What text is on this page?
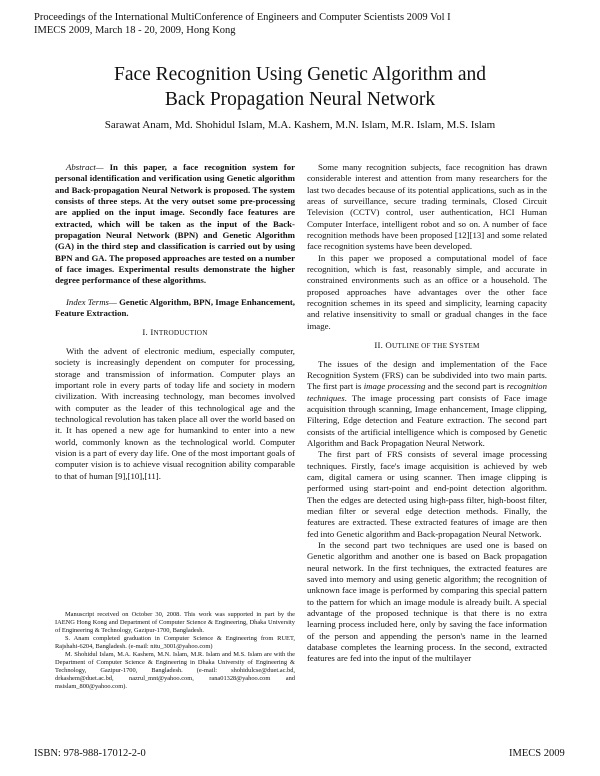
Proceedings of the International MultiConference of Engineers and Computer Scientists 2009 Vol I
IMECS 2009, March 18 - 20, 2009, Hong Kong
Face Recognition Using Genetic Algorithm and
Back Propagation Neural Network
Sarawat Anam, Md. Shohidul Islam, M.A. Kashem, M.N. Islam, M.R. Islam, M.S. Islam

Abstract— In this paper, a face recognition system for personal identification and verification using Genetic algorithm and Back-propagation Neural Network is proposed. The system consists of three steps. At the very outset some pre-processing are applied on the input image. Secondly face features are extracted, which will be taken as the input of the Back-propagation Neural Network (BPN) and Genetic Algorithm (GA) in the third step and classification is carried out by using BPN and GA. The proposed approaches are tested on a number of face images. Experimental results demonstrate the higher degree performance of these algorithms.

Index Terms— Genetic Algorithm, BPN, Image Enhancement, Feature Extraction.

I. INTRODUCTION

With the advent of electronic medium, especially computer, society is increasingly dependent on computer for processing, storage and transmission of information. Computer plays an important role in every parts of today life and society in modern civilization. With increasing technology, man becomes involved with computer as the leader of this technological age and the technological revolution has taken place all over the world based on it. It has opened a new age for humankind to enter into a new world, commonly known as the technological world. Computer vision is a part of every day life. One of the most important goals of computer vision is to achieve visual recognition ability comparable to that of human [9],[10],[11].

Manuscript received on October 30, 2008. This work was supported in part by the IAENG Hong Kong and Department of Computer Science & Engineering, Dhaka University of Engineering & Technology, Gazipur-1700, Bangladesh.

S. Anam completed graduation in Computer Science & Engineering from RUET, Rajshahi-6204, Bangladesh. (e-mail: nitu_3001@yahoo.com)

M. Shohidul Islam, M.A. Kashem, M.N. Islam, M.R. Islam and M.S. Islam are with the Department of Computer Science & Engineering in Dhaka University of Engineering & Technology, Gazipur-1700, Bangladesh. (e-mail: shohidulcse@duet.ac.bd, drkashem@duet.ac.bd, nazrul_mnt@yahoo.com, rana01328@yahoo.com and msislam_800@yahoo.com).

Some many recognition subjects, face recognition has drawn considerable interest and attention from many researchers for the last two decades because of its potential applications, such as in the areas of surveillance, secure trading terminals, Closed Circuit Television (CCTV) control, user authentication, HCI Human Computer Interface, intelligent robot and so on. A number of face recognition methods have been proposed [12][13] and some related face recognition systems have been developed.

In this paper we proposed a computational model of face recognition, which is fast, reasonably simple, and accurate in constrained environments such as an office or a household. The proposed approaches have advantages over the other face recognition schemes in its speed and simplicity, learning capacity and relative insensitivity to small or gradual changes in the face image.

II. OUTLINE OF THE SYSTEM

The issues of the design and implementation of the Face Recognition System (FRS) can be subdivided into two main parts. The first part is image processing and the second part is recognition techniques. The image processing part consists of Face image acquisition through scanning, Image enhancement, Image clipping, Filtering, Edge detection and Feature extraction. The second part consists of the artificial intelligence which is composed by Genetic Algorithm and Back Propagation Neural Network.

The first part of FRS consists of several image processing techniques. Firstly, face's image acquisition is achieved by web cam, digital camera or using scanner. Then image clipping is performed using start-point and end-point detection algorithm. Then the edges are detected using high-pass filter, high-boost filter, median filter or several edge detection methods. Finally, the features are extracted. These extracted features of image are then fed into Genetic algorithm and Back-propagation Neural Network.

In the second part two techniques are used one is based on Genetic algorithm and another one is based on Back propagation neural network. In the first techniques, the extracted features are saved into memory and using genetic algorithm; the recognition of unknown face image is performed by comparing this special pattern to the pattern for which an image module is already built. A special advantage of the proposed technique is that there is no extra learning process included here, only by saving the face information of the person and appending the person's name in the learned database completes the learning process. In the second, extracted features are fed into the input of the multilayer

ISBN: 978-988-17012-2-0	IMECS 2009
